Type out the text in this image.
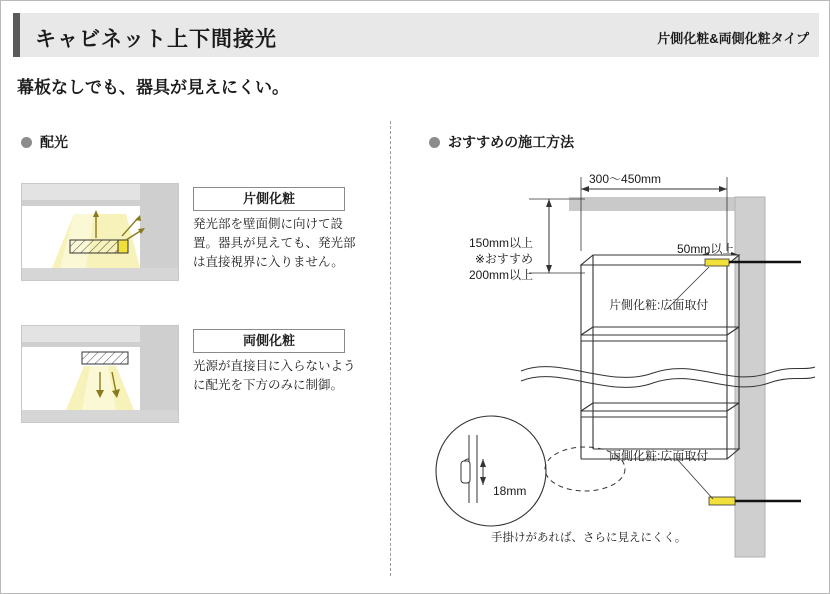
キャビネット上下間接光	片側化粧&両側化粧タイプ
幕板なしでも、器具が見えにくい。
配光	おすすめの施工方法
片側化粧
発光部を壁面側に向けて設置。器具が見えても、発光部は直接視界に入りません。
両側化粧
光源が直接目に入らないように配光を下方のみに制御。
300〜450mm
150mm以上
※おすすめ
200mm以上
50mm以上
片側化粧:広面取付
両側化粧:広面取付
18mm
手掛けがあれば、さらに見えにくく。
